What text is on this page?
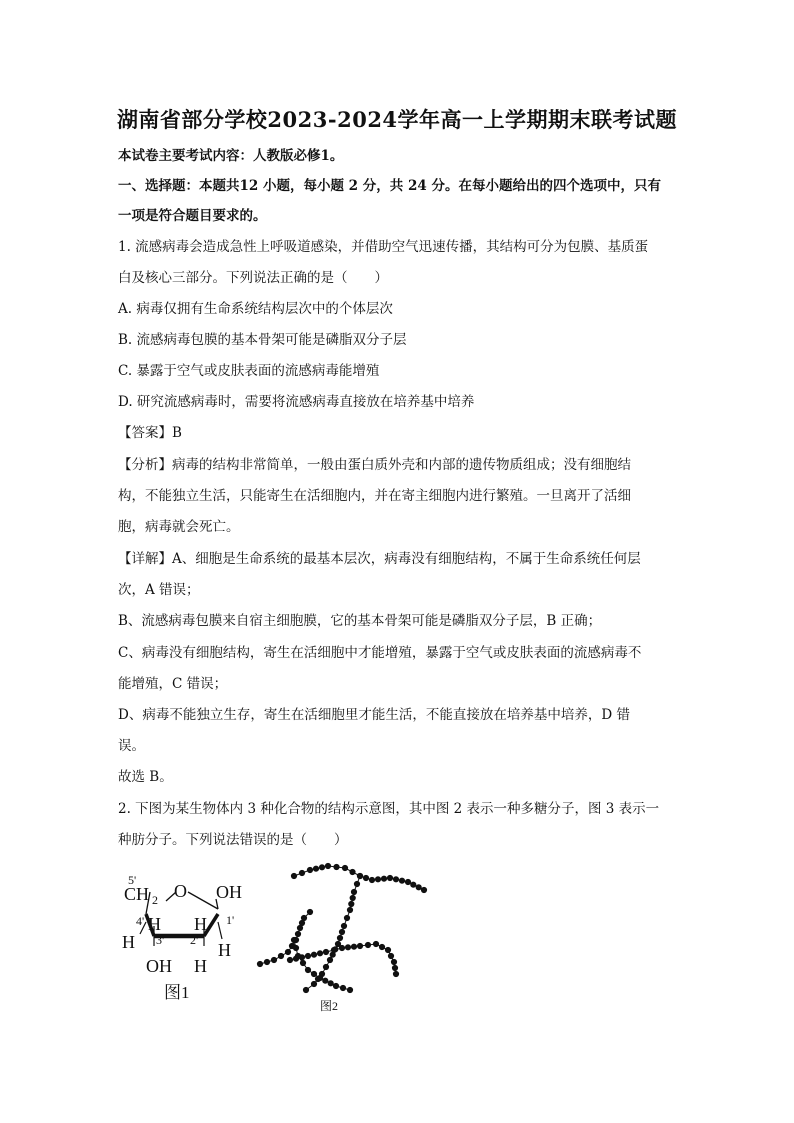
湖南省部分学校2023-2024学年高一上学期期末联考试题
本试卷主要考试内容：人教版必修1。
一、选择题：本题共12 小题，每小题 2 分，共 24 分。在每小题给出的四个选项中，只有
一项是符合题目要求的。
1. 流感病毒会造成急性上呼吸道感染，并借助空气迅速传播，其结构可分为包膜、基质蛋
白及核心三部分。下列说法正确的是（　　）
A. 病毒仅拥有生命系统结构层次中的个体层次
B. 流感病毒包膜的基本骨架可能是磷脂双分子层
C. 暴露于空气或皮肤表面的流感病毒能增殖
D. 研究流感病毒时，需要将流感病毒直接放在培养基中培养
【答案】B
【分析】病毒的结构非常简单，一般由蛋白质外壳和内部的遗传物质组成；没有细胞结
构，不能独立生活，只能寄生在活细胞内，并在寄主细胞内进行繁殖。一旦离开了活细
胞，病毒就会死亡。
【详解】A、细胞是生命系统的最基本层次，病毒没有细胞结构，不属于生命系统任何层
次，A 错误；
B、流感病毒包膜来自宿主细胞膜，它的基本骨架可能是磷脂双分子层，B 正确；
C、病毒没有细胞结构，寄生在活细胞中才能增殖，暴露于空气或皮肤表面的流感病毒不
能增殖，C 错误；
D、病毒不能独立生存，寄生在活细胞里才能生活，不能直接放在培养基中培养，D 错
误。
故选 B。
2. 下图为某生物体内 3 种化合物的结构示意图，其中图 2 表示一种多糖分子，图 3 表示一
种肪分子。下列说法错误的是（　　）
5'
CH 2 O OH
4' H H 1'
H 3' 2' H
OH H
图1
图2
